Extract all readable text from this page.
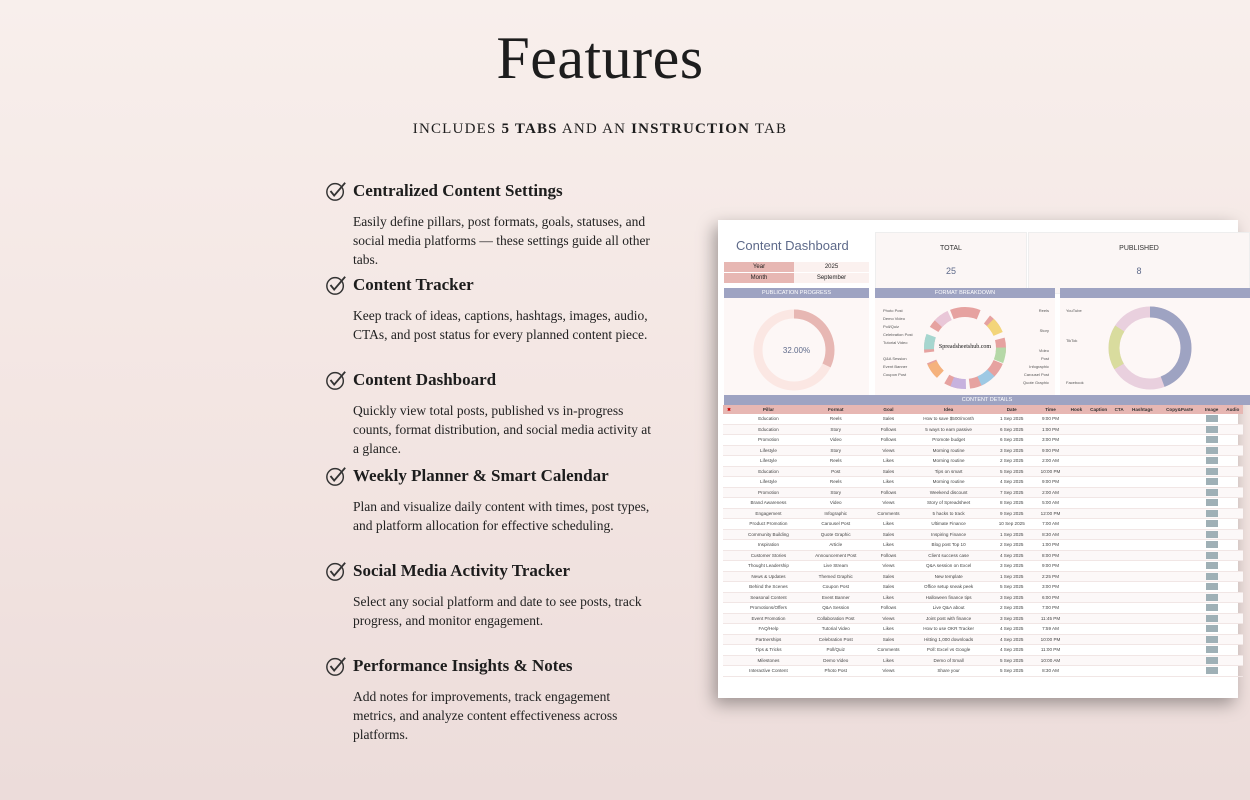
Features
INCLUDES 5 TABS AND AN INSTRUCTION TAB
Centralized Content Settings

Easily define pillars, post formats, goals, statuses, and social media platforms — these settings guide all other tabs.

Content Tracker

Keep track of ideas, captions, hashtags, images, audio, CTAs, and post status for every planned content piece.

Content Dashboard

Quickly view total posts, published vs in-progress counts, format distribution, and social media activity at a glance.

Weekly Planner & Smart Calendar

Plan and visualize daily content with times, post types, and platform allocation for effective scheduling.

Social Media Activity Tracker

Select any social platform and date to see posts, track progress, and monitor engagement.

Performance Insights & Notes

Add notes for improvements, track engagement metrics, and analyze content effectiveness across platforms.

Content Dashboard
Year	2025
Month	September
TOTAL
25
PUBLISHED
8
PUBLICATION PROGRESS	FORMAT BREAKDOWN
32.00%	Spreadsheetshub.com
Photo Post
Demo Video
Poll/Quiz
Celebration Post
Tutorial Video
Q&A Session
Event Banner
Coupon Post
Reels
Story
Video
Post
Infographic
Carousel Post
Quote Graphic
YouTube
TikTok
Facebook
CONTENT DETAILS
✖	Pillar	Format	Goal	Idea	Date	Time	Hook	Caption	CTA	Hashtags	Copy&Paste	Image	Audio
	Education	Reels	Sales	How to save $500/month	1 Sep 2025	9:00 PM							
	Education	Story	Follows	5 ways to earn passive	6 Sep 2025	1:00 PM							
	Promotion	Video	Follows	Promote budget	6 Sep 2025	3:00 PM							
	Lifestyle	Story	Views	Morning routine	3 Sep 2025	9:00 PM							
	Lifestyle	Reels	Likes	Morning routine	2 Sep 2025	2:00 AM							
	Education	Post	Sales	Tips on smart	5 Sep 2025	10:00 PM							
	Lifestyle	Reels	Likes	Morning routine	4 Sep 2025	9:00 PM							
	Promotion	Story	Follows	Weekend discount	7 Sep 2025	2:00 AM							
	Brand Awareness	Video	Views	Story of Spreadsheet	8 Sep 2025	5:00 AM							
	Engagement	Infographic	Comments	5 hacks to track	9 Sep 2025	12:00 PM							
	Product Promotion	Carousel Post	Likes	Ultimate Finance	10 Sep 2025	7:00 AM							
	Community Building	Quote Graphic	Sales	Inspiring Finance	1 Sep 2025	8:30 AM							
	Inspiration	Article	Likes	Blog post Top 10	2 Sep 2025	1:00 PM							
	Customer Stories	Announcement Post	Follows	Client success case	4 Sep 2025	8:00 PM							
	Thought Leadership	Live Stream	Views	Q&A session on Excel	3 Sep 2025	9:00 PM							
	News & Updates	Themed Graphic	Sales	New template	1 Sep 2025	2:25 PM							
	Behind the Scenes	Coupon Post	Sales	Office setup sneak peek	5 Sep 2025	3:00 PM							
	Seasonal Content	Event Banner	Likes	Halloween finance tips	3 Sep 2025	6:00 PM							
	Promotions/Offers	Q&A Session	Follows	Live Q&A about	2 Sep 2025	7:00 PM							
	Event Promotion	Collaboration Post	Views	Joint post with finance	3 Sep 2025	11:45 PM							
	FAQ/Help	Tutorial Video	Likes	How to use OKR Tracker	4 Sep 2025	7:59 AM							
	Partnerships	Celebration Post	Sales	Hitting 1,000 downloads	4 Sep 2025	10:00 PM							
	Tips & Tricks	Poll/Quiz	Comments	Poll: Excel vs Google	4 Sep 2025	11:00 PM							
	Milestones	Demo Video	Likes	Demo of Small	5 Sep 2025	10:00 AM							
	Interactive Content	Photo Post	Views	Share your	5 Sep 2025	8:30 AM							
